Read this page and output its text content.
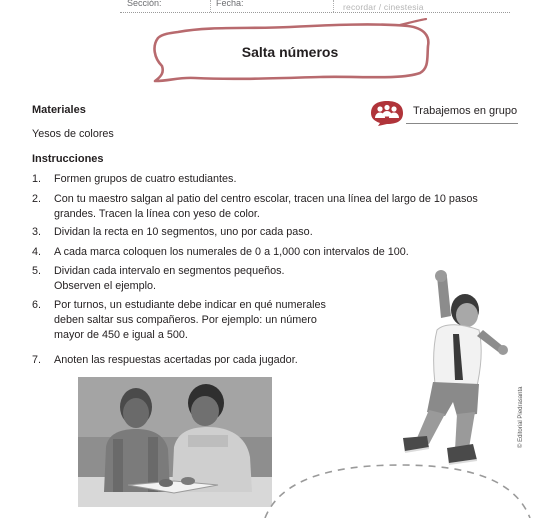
Sección:	Fecha:	recordar / cinestesia
Salta números
Materiales
Yesos de colores
Trabajemos en grupo
Instrucciones
1.	Formen grupos de cuatro estudiantes.
2.	Con tu maestro salgan al patio del centro escolar, tracen una línea del largo de 10 pasos
grandes. Tracen la línea con yeso de color.
3.	Dividan la recta en 10 segmentos, uno por cada paso.
4.	A cada marca coloquen los numerales de 0 a 1,000 con intervalos de 100.
5.	Dividan cada intervalo en segmentos pequeños.
Observen el ejemplo.
6.	Por turnos, un estudiante debe indicar en qué numerales
deben saltar sus compañeros. Por ejemplo: un número
mayor de 450 e igual a 500.
7.	Anoten las respuestas acertadas por cada jugador.
© Editorial Piedrasanta
